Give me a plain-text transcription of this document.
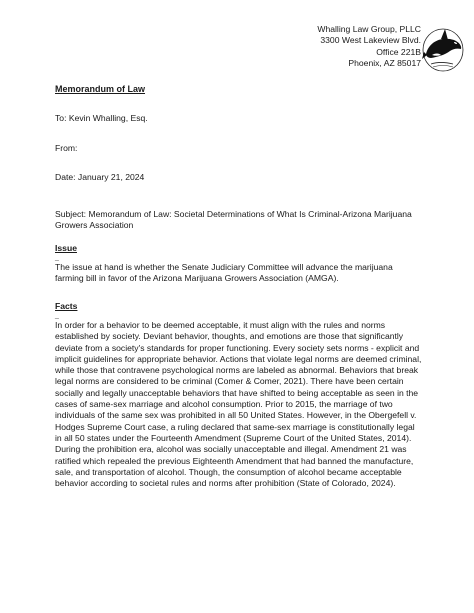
Whalling Law Group, PLLC
3300 West Lakeview Blvd.
Office 221B
Phoenix, AZ 85017

Memorandum of Law

To: Kevin Whalling, Esq.

From:

Date: January 21, 2024

Subject: Memorandum of Law: Societal Determinations of What Is Criminal-Arizona Marijuana Growers Association

Issue

_

The issue at hand is whether the Senate Judiciary Committee will advance the marijuana farming bill in favor of the Arizona Marijuana Growers Association (AMGA).

Facts

_

In order for a behavior to be deemed acceptable, it must align with the rules and norms established by society. Deviant behavior, thoughts, and emotions are those that significantly deviate from a society's standards for proper functioning. Every society sets norms - explicit and implicit guidelines for appropriate behavior. Actions that violate legal norms are deemed criminal, while those that contravene psychological norms are labeled as abnormal. Behaviors that break legal norms are considered to be criminal (Comer & Comer, 2021). There have been certain socially and legally unacceptable behaviors that have shifted to being acceptable as seen in the cases of same-sex marriage and alcohol consumption. Prior to 2015, the marriage of two individuals of the same sex was prohibited in all 50 United States. However, in the Obergefell v. Hodges Supreme Court case, a ruling declared that same-sex marriage is constitutionally legal in all 50 states under the Fourteenth Amendment (Supreme Court of the United States, 2014). During the prohibition era, alcohol was socially unacceptable and illegal. Amendment 21 was ratified which repealed the previous Eighteenth Amendment that had banned the manufacture, sale, and transportation of alcohol. Though, the consumption of alcohol became acceptable behavior according to societal rules and norms after prohibition (State of Colorado, 2024).
